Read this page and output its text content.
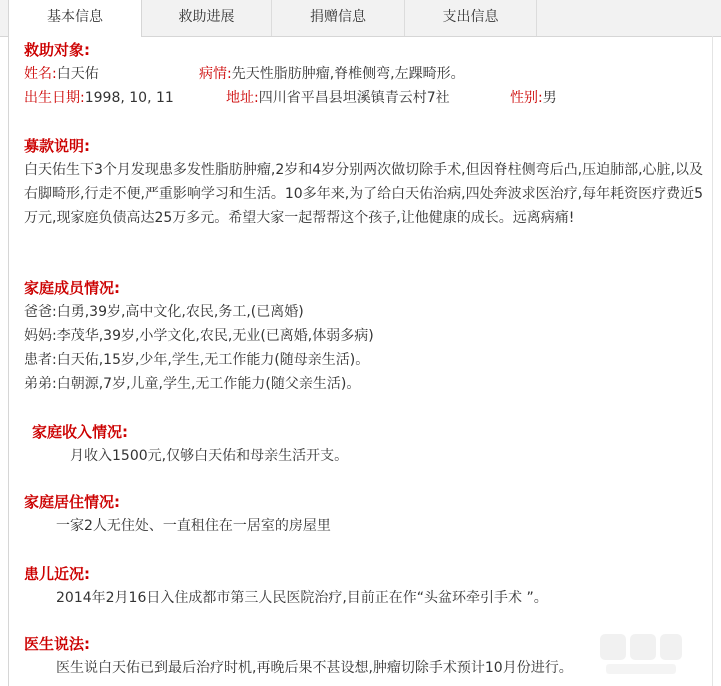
基本信息	救助进展	捐赠信息	支出信息
救助对象:
姓名:白天佑	病情:先天性脂肪肿瘤,脊椎侧弯,左踝畸形。
出生日期:1998, 10, 11	地址:四川省平昌县坦溪镇青云村7社	性别:男
募款说明:
白天佑生下3个月发现患多发性脂肪肿瘤,2岁和4岁分别两次做切除手术,但因脊柱侧弯后凸,压迫肺部,心脏,以及右脚畸形,行走不便,严重影响学习和生活。10多年来,为了给白天佑治病,四处奔波求医治疗,每年耗资医疗费近5万元,现家庭负债高达25万多元。希望大家一起帮帮这个孩子,让他健康的成长。远离病痛!
家庭成员情况:
爸爸:白勇,39岁,高中文化,农民,务工,(已离婚)
妈妈:李茂华,39岁,小学文化,农民,无业(已离婚,体弱多病)
患者:白天佑,15岁,少年,学生,无工作能力(随母亲生活)。
弟弟:白朝源,7岁,儿童,学生,无工作能力(随父亲生活)。
家庭收入情况:
月收入1500元,仅够白天佑和母亲生活开支。
家庭居住情况:
一家2人无住处、一直租住在一居室的房屋里
患儿近况:
2014年2月16日入住成都市第三人民医院治疗,目前正在作“头盆环牵引手术 ”。
医生说法:
医生说白天佑已到最后治疗时机,再晚后果不甚设想,肿瘤切除手术预计10月份进行。
